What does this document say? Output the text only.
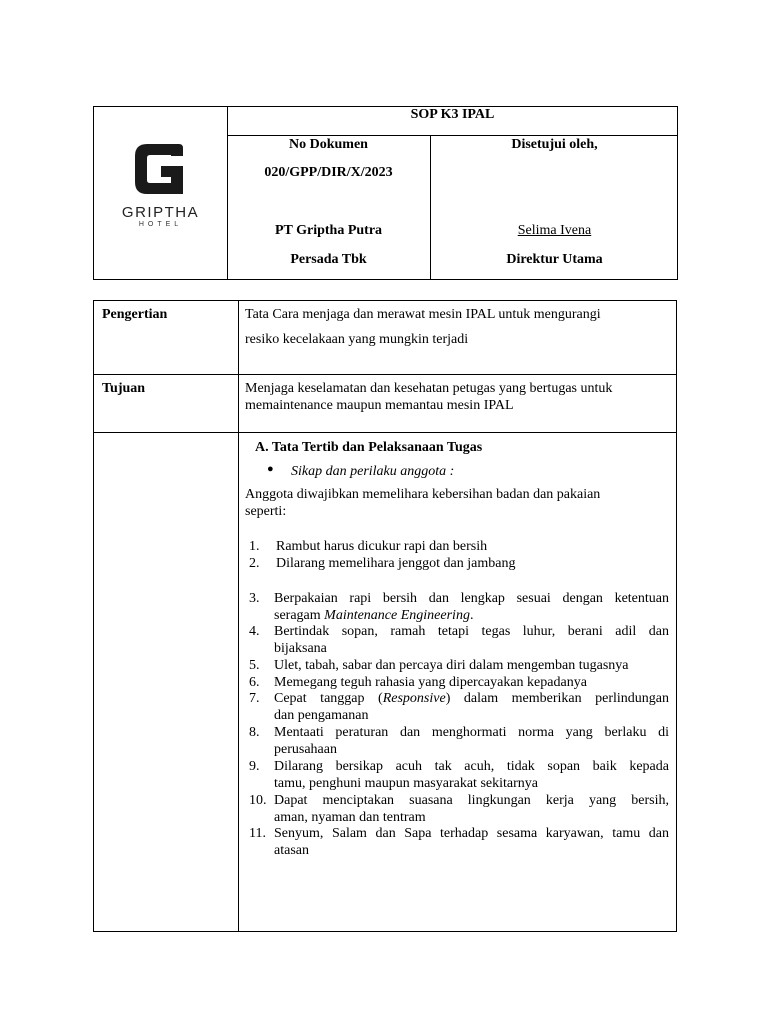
GRIPTHA
HOTEL
SOP K3 IPAL
No Dokumen
020/GPP/DIR/X/2023
PT Griptha Putra
Persada Tbk
Disetujui oleh,
Selima Ivena
Direktur Utama
Pengertian	Tata Cara menjaga dan merawat mesin IPAL untuk mengurangi
resiko kecelakaan yang mungkin terjadi
Tujuan	Menjaga keselamatan dan kesehatan petugas yang bertugas untuk
memaintenance maupun memantau mesin IPAL
A. Tata Tertib dan Pelaksanaan Tugas
● Sikap dan perilaku anggota :
Anggota diwajibkan memelihara kebersihan badan dan pakaian
seperti:
1. Rambut harus dicukur rapi dan bersih
2. Dilarang memelihara jenggot dan jambang
3. Berpakaian rapi bersih dan lengkap sesuai dengan ketentuan
seragam Maintenance Engineering.
4. Bertindak sopan, ramah tetapi tegas luhur, berani adil dan
bijaksana
5. Ulet, tabah, sabar dan percaya diri dalam mengemban tugasnya
6. Memegang teguh rahasia yang dipercayakan kepadanya
7. Cepat tanggap (Responsive) dalam memberikan perlindungan
dan pengamanan
8. Mentaati peraturan dan menghormati norma yang berlaku di
perusahaan
9. Dilarang bersikap acuh tak acuh, tidak sopan baik kepada
tamu, penghuni maupun masyarakat sekitarnya
10. Dapat menciptakan suasana lingkungan kerja yang bersih,
aman, nyaman dan tentram
11. Senyum, Salam dan Sapa terhadap sesama karyawan, tamu dan
atasan
